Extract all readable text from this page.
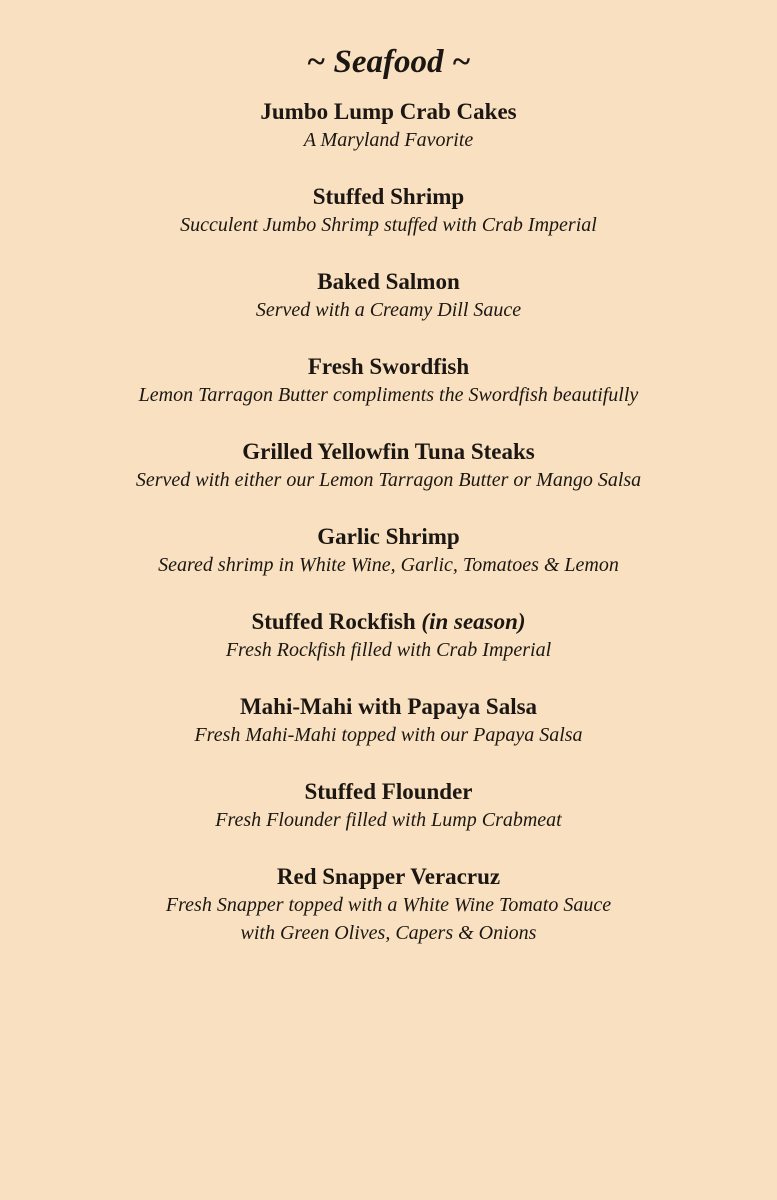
~ Seafood ~

Jumbo Lump Crab Cakes

A Maryland Favorite

Stuffed Shrimp

Succulent Jumbo Shrimp stuffed with Crab Imperial

Baked Salmon

Served with a Creamy Dill Sauce

Fresh Swordfish

Lemon Tarragon Butter compliments the Swordfish beautifully

Grilled Yellowfin Tuna Steaks

Served with either our Lemon Tarragon Butter or Mango Salsa

Garlic Shrimp

Seared shrimp in White Wine, Garlic, Tomatoes & Lemon

Stuffed Rockfish (in season)

Fresh Rockfish filled with Crab Imperial

Mahi-Mahi with Papaya Salsa

Fresh Mahi-Mahi topped with our Papaya Salsa

Stuffed Flounder

Fresh Flounder filled with Lump Crabmeat

Red Snapper Veracruz

Fresh Snapper topped with a White Wine Tomato Sauce

with Green Olives, Capers & Onions
